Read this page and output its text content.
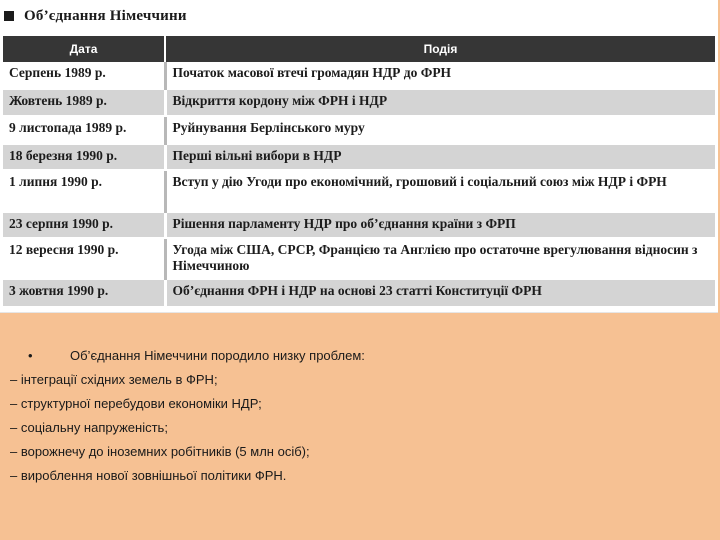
Об’єднання Німеччини
Дата	Подія
Серпень 1989 р.	Початок масової втечі громадян НДР до ФРН
Жовтень 1989 р.	Відкриття кордону між ФРН і НДР
9 листопада 1989 р.	Руйнування Берлінського муру
18 березня 1990 р.	Перші вільні вибори в НДР
1 липня 1990 р.	Вступ у дію Угоди про економічний, грошовий і соціальний союз між НДР і ФРН
23 серпня 1990 р.	Рішення парламенту НДР про об’єднання країни з ФРП
12 вересня 1990 р.	Угода між США, СРСР, Францією та Англією про остаточне врегулювання відносин з Німеччиною
3 жовтня 1990 р.	Об’єднання ФРН і НДР на основі 23 статті Конституції ФРН
•	Об’єднання Німеччини породило низку проблем:
– інтеграції східних земель в ФРН;
– структурної перебудови економіки НДР;
– соціальну напруженість;
– ворожнечу до іноземних робітників (5 млн осіб);
– вироблення нової зовнішньої політики ФРН.
